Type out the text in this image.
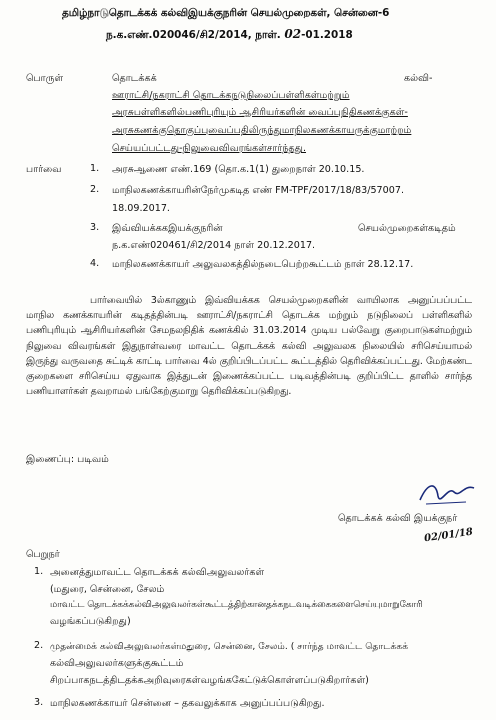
தமிழ்நாடுதொடக்கக் கல்விஇயக்குநரின் செயல்முறைகள், சென்னை-6
ந.க.எண்.020046/சி2/2014, நாள். 02-01.2018
பொருள்	தொடக்கக்	கல்வி-
ஊராட்சி/நகராட்சி தொடக்கநடுநிலைப்பள்ளிகள்மற்றும்
அரசுபள்ளிகளில்பணிபுரியும் ஆசிரியர்களின் வைப்புநிதிகணக்குகள்-
அரசுகணக்குதொகுப்புவைப்பதிலிருந்துமாநிலகணக்காயருக்குமாற்றம்
செய்யப்பட்டது-நிலுவைவிவரங்கள்சார்ந்தது.
பார்வை	1. அரசுஆணை எண்.169 (தொ.க.1(1) துறைநாள் 20.10.15.
2. மாநிலகணக்காயரின்நேர்முகடித எண் FM-TPF/2017/18/83/57007.
18.09.2017.
3. இவ்வியக்ககஇயக்குநரின்	செயல்முறைகள்கடிதம்
ந.க.எண்020461/சி2/2014 நாள் 20.12.2017.
4. மாநிலகணக்காயர் அலுவலகத்தில்நடைபெற்றகூட்டம் நாள் 28.12.17.
பார்வையில் 3ல்காணும் இவ்வியக்கக செயல்முறைகளின் வாயிலாக அனுப்பப்பட்ட மாநில கணக்காயரின் கடிதத்தின்படி ஊராட்சி/நகராட்சி தொடக்க மற்றும் நடுநிலைப் பள்ளிகளில் பணிபுரியும் ஆசிரியர்களின் சேமநலநிதிக் கணக்கில் 31.03.2014 முடிய பல்வேறு குறைபாடுகள்மற்றும் நிலுவை விவரங்கள் இதுநாள்வரை மாவட்ட தொடக்கக் கல்வி அலுவலக நிலையில் சரிசெய்யாமல் இருந்து வருவதை சுட்டிக் காட்டி பார்வை 4ல் குறிப்பிடப்பட்ட கூட்டத்தில் தெரிவிக்கப்பட்டது. மேற்கண்ட குறைகளை சரிசெய்ய ஏதுவாக இத்துடன் இணைக்கப்பட்ட படிவத்தின்படி குறிப்பிட்ட தாளில் சார்ந்த பணியாளர்கள் தவறாமல் பங்கேற்குமாறு தெரிவிக்கப்படுகிறது.
இணைப்பு: படிவம்
தொடக்கக் கல்வி இயக்குநர்
02/01/18
பெறுநர்
1. அனைத்துமாவட்ட தொடக்கக் கல்விஅலுவலர்கள்
(மதுரை, சென்னை, சேலம்
மாவட்ட தொடக்கக்கல்விஅலுவலர்கள்கூட்டத்திற்கானதக்கநடவடிக்கைகளைசெய்யுமாறுகோரி
வழங்கப்படுகிறது)
2. முதன்மைக் கல்விஅலுவலர்கள்மதுரை, சென்னை, சேலம். ( சார்ந்த மாவட்ட தொடக்கக்
கல்விஅலுவலர்களுக்குகூட்டம்
சிறப்பாகநடத்திடதக்கஅறிவுரைகள்வழங்ககேட்டுக்கொள்ளப்படுகிறார்கள்)
3. மாநிலகணக்காயர் சென்னை – தகவலுக்காக அனுப்பப்படுகிறது.
